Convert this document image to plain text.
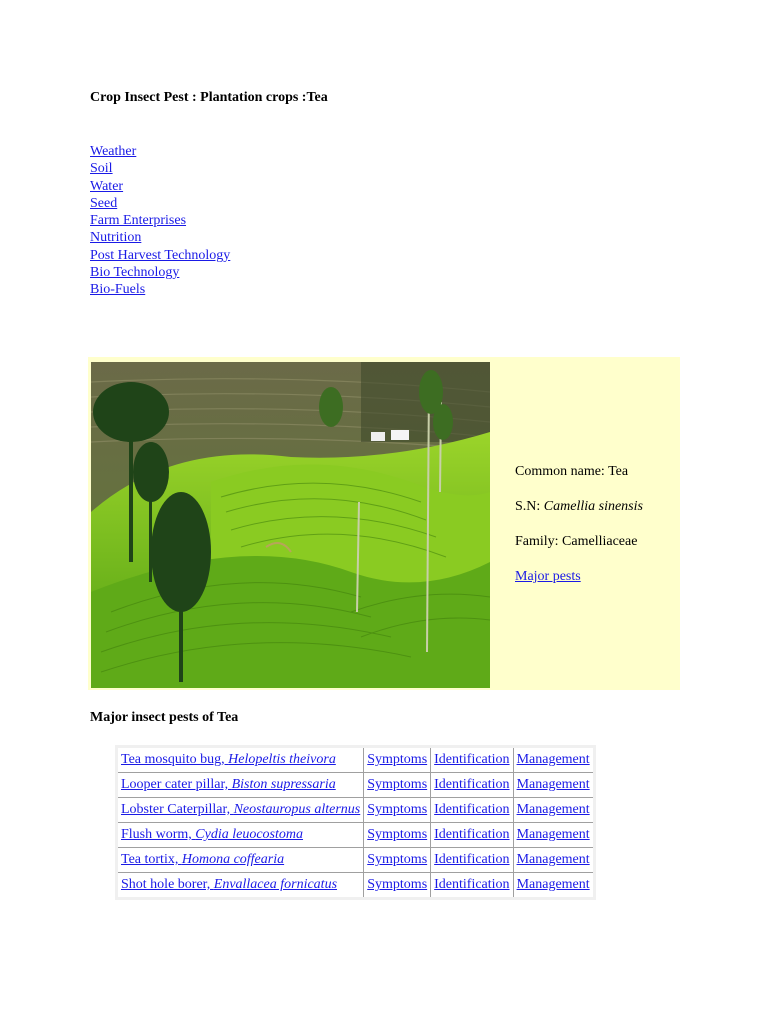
Crop Insect Pest : Plantation crops :Tea
Weather
Soil
Water
Seed
Farm Enterprises
Nutrition
Post Harvest Technology
Bio Technology
Bio-Fuels

Common name: Tea

S.N: Camellia sinensis

Family: Camelliaceae

Major pests

Major insect pests of Tea
Tea mosquito bug, Helopeltis theivora	Symptoms	Identification	Management
Looper cater pillar, Biston supressaria	Symptoms	Identification	Management
Lobster Caterpillar, Neostauropus alternus	Symptoms	Identification	Management
Flush worm, Cydia leuocostoma	Symptoms	Identification	Management
Tea tortix, Homona coffearia	Symptoms	Identification	Management
Shot hole borer, Envallacea fornicatus	Symptoms	Identification	Management
